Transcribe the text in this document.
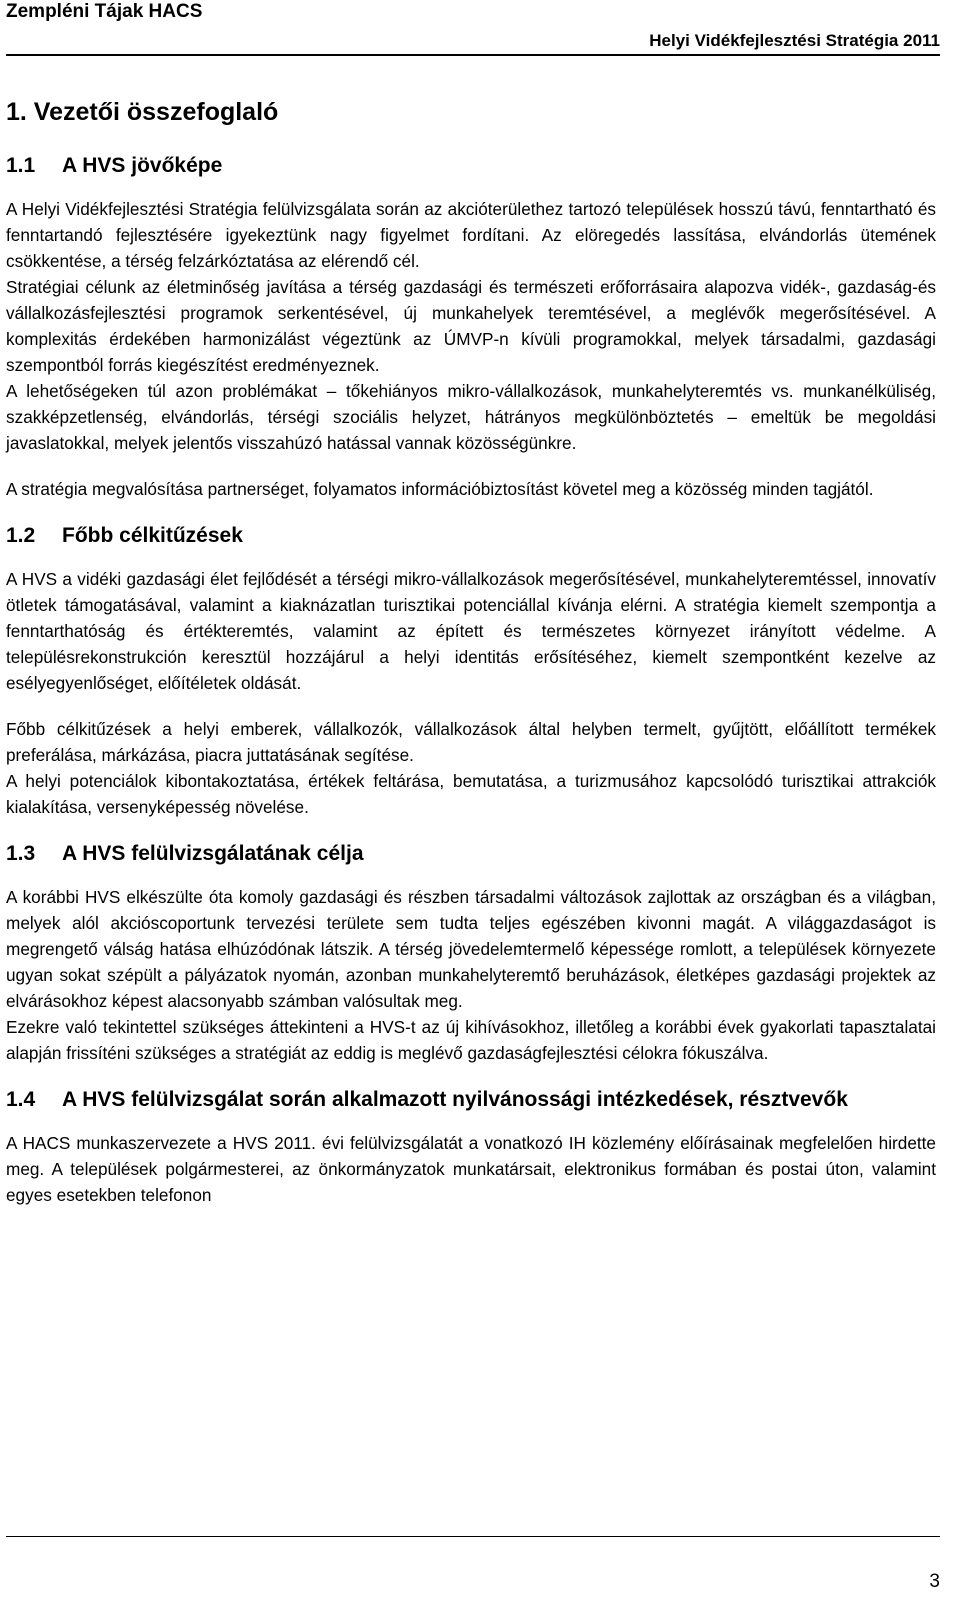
Zempléni Tájak HACS
Helyi Vidékfejlesztési Stratégia 2011
1. Vezetői összefoglaló
1.1	A HVS jövőképe

A Helyi Vidékfejlesztési Stratégia felülvizsgálata során az akcióterülethez tartozó települések hosszú távú, fenntartható és fenntartandó fejlesztésére igyekeztünk nagy figyelmet fordítani. Az elöregedés lassítása, elvándorlás ütemének csökkentése, a térség felzárkóztatása az elérendő cél.

Stratégiai célunk az életminőség javítása a térség gazdasági és természeti erőforrásaira alapozva vidék-, gazdaság-és vállalkozásfejlesztési programok serkentésével, új munkahelyek teremtésével, a meglévők megerősítésével. A komplexitás érdekében harmonizálást végeztünk az ÚMVP-n kívüli programokkal, melyek társadalmi, gazdasági szempontból forrás kiegészítést eredményeznek.

A lehetőségeken túl azon problémákat – tőkehiányos mikro-vállalkozások, munkahelyteremtés vs. munkanélküliség, szakképzetlenség, elvándorlás, térségi szociális helyzet, hátrányos megkülönböztetés – emeltük be megoldási javaslatokkal, melyek jelentős visszahúzó hatással vannak közösségünkre.

A stratégia megvalósítása partnerséget, folyamatos információbiztosítást követel meg a közösség minden tagjától.

1.2	Főbb célkitűzések

A HVS a vidéki gazdasági élet fejlődését a térségi mikro-vállalkozások megerősítésével, munkahelyteremtéssel, innovatív ötletek támogatásával, valamint a kiaknázatlan turisztikai potenciállal kívánja elérni. A stratégia kiemelt szempontja a fenntarthatóság és értékteremtés, valamint az épített és természetes környezet irányított védelme. A településrekonstrukción keresztül hozzájárul a helyi identitás erősítéséhez, kiemelt szempontként kezelve az esélyegyenlőséget, előítéletek oldását.

Főbb célkitűzések a helyi emberek, vállalkozók, vállalkozások által helyben termelt, gyűjtött, előállított termékek preferálása, márkázása, piacra juttatásának segítése.

A helyi potenciálok kibontakoztatása, értékek feltárása, bemutatása, a turizmusához kapcsolódó turisztikai attrakciók kialakítása, versenyképesség növelése.

1.3	A HVS felülvizsgálatának célja

A korábbi HVS elkészülte óta komoly gazdasági és részben társadalmi változások zajlottak az országban és a világban, melyek alól akcióscoportunk tervezési területe sem tudta teljes egészében kivonni magát. A világgazdaságot is megrengető válság hatása elhúzódónak látszik. A térség jövedelemtermelő képessége romlott, a települések környezete ugyan sokat szépült a pályázatok nyomán, azonban munkahelyteremtő beruházások, életképes gazdasági projektek az elvárásokhoz képest alacsonyabb számban valósultak meg.

Ezekre való tekintettel szükséges áttekinteni a HVS-t az új kihívásokhoz, illetőleg a korábbi évek gyakorlati tapasztalatai alapján frissíténi szükséges a stratégiát az eddig is meglévő gazdaságfejlesztési célokra fókuszálva.

1.4	A HVS felülvizsgálat során alkalmazott nyilvánossági intézkedések, résztvevők

A HACS munkaszervezete a HVS 2011. évi felülvizsgálatát a vonatkozó IH közlemény előírásainak megfelelően hirdette meg. A települések polgármesterei, az önkormányzatok munkatársait, elektronikus formában és postai úton, valamint egyes esetekben telefonon

3
